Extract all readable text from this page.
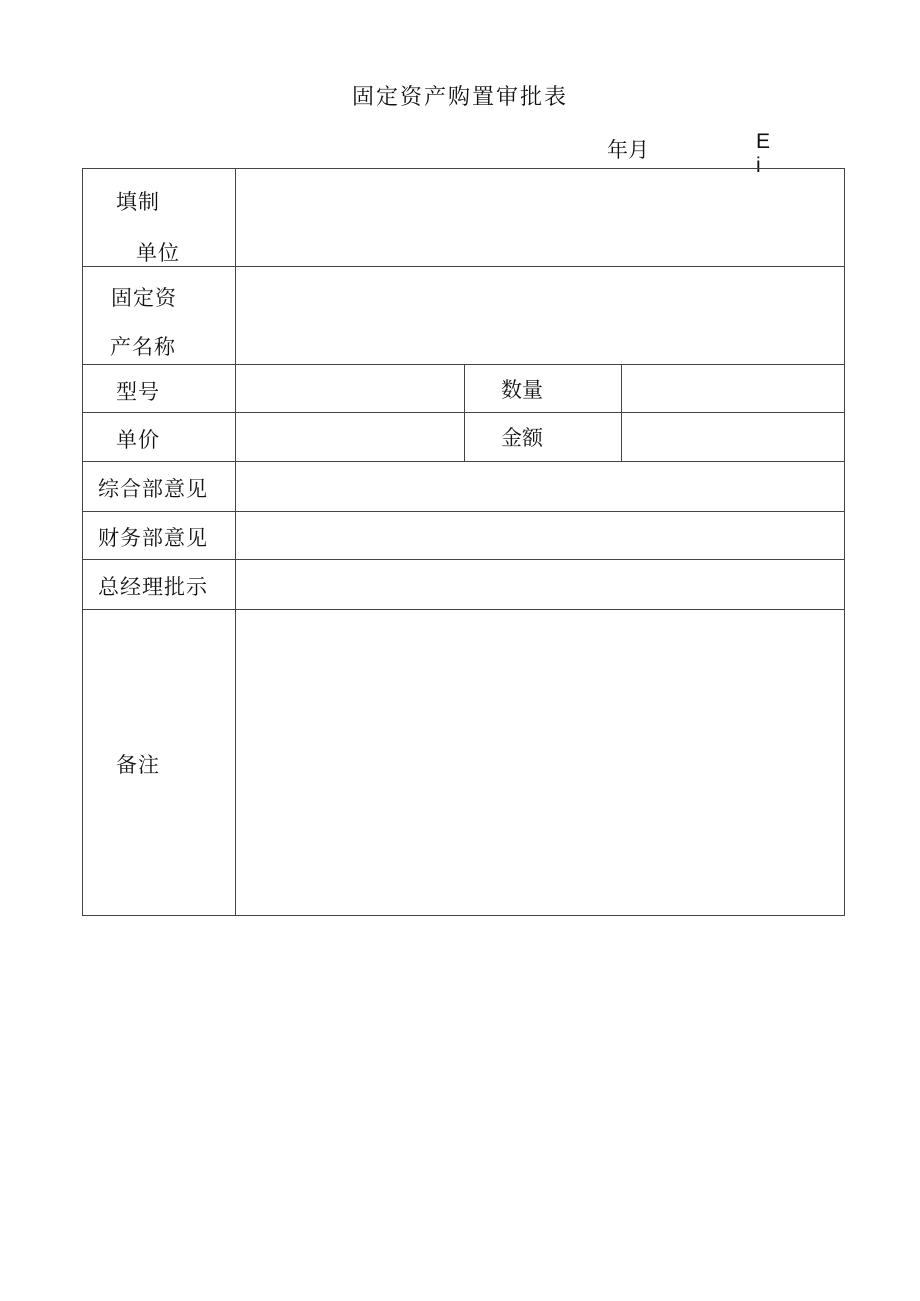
固定资产购置审批表
年月	E
i
填制
单位			

固定资
产名称			

型号		数量	

单价		金额	

综合部意见			

财务部意见			

总经理批示			

备注			
